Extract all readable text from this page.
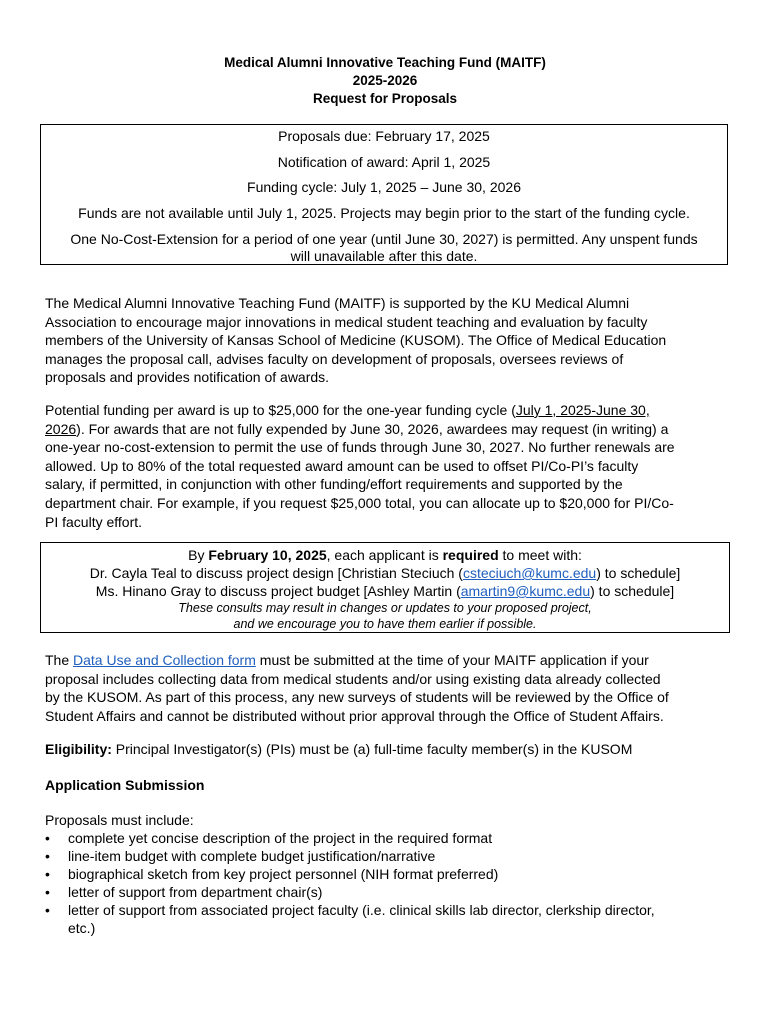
Medical Alumni Innovative Teaching Fund (MAITF)
2025-2026
Request for Proposals
Proposals due: February 17, 2025
Notification of award: April 1, 2025
Funding cycle: July 1, 2025 – June 30, 2026
Funds are not available until July 1, 2025. Projects may begin prior to the start of the funding cycle.
One No-Cost-Extension for a period of one year (until June 30, 2027) is permitted. Any unspent funds
will unavailable after this date.
The Medical Alumni Innovative Teaching Fund (MAITF) is supported by the KU Medical Alumni
Association to encourage major innovations in medical student teaching and evaluation by faculty
members of the University of Kansas School of Medicine (KUSOM). The Office of Medical Education
manages the proposal call, advises faculty on development of proposals, oversees reviews of
proposals and provides notification of awards.
Potential funding per award is up to $25,000 for the one-year funding cycle (July 1, 2025-June 30,
2026). For awards that are not fully expended by June 30, 2026, awardees may request (in writing) a
one-year no-cost-extension to permit the use of funds through June 30, 2027. No further renewals are
allowed. Up to 80% of the total requested award amount can be used to offset PI/Co-PI’s faculty
salary, if permitted, in conjunction with other funding/effort requirements and supported by the
department chair. For example, if you request $25,000 total, you can allocate up to $20,000 for PI/Co-
PI faculty effort.
By February 10, 2025, each applicant is required to meet with:
Dr. Cayla Teal to discuss project design [Christian Steciuch (csteciuch@kumc.edu) to schedule]
Ms. Hinano Gray to discuss project budget [Ashley Martin (amartin9@kumc.edu) to schedule]
These consults may result in changes or updates to your proposed project,
and we encourage you to have them earlier if possible.
The Data Use and Collection form must be submitted at the time of your MAITF application if your
proposal includes collecting data from medical students and/or using existing data already collected
by the KUSOM. As part of this process, any new surveys of students will be reviewed by the Office of
Student Affairs and cannot be distributed without prior approval through the Office of Student Affairs.
Eligibility: Principal Investigator(s) (PIs) must be (a) full-time faculty member(s) in the KUSOM
Application Submission
Proposals must include:
• complete yet concise description of the project in the required format
• line-item budget with complete budget justification/narrative
• biographical sketch from key project personnel (NIH format preferred)
• letter of support from department chair(s)
• letter of support from associated project faculty (i.e. clinical skills lab director, clerkship director,
etc.)
